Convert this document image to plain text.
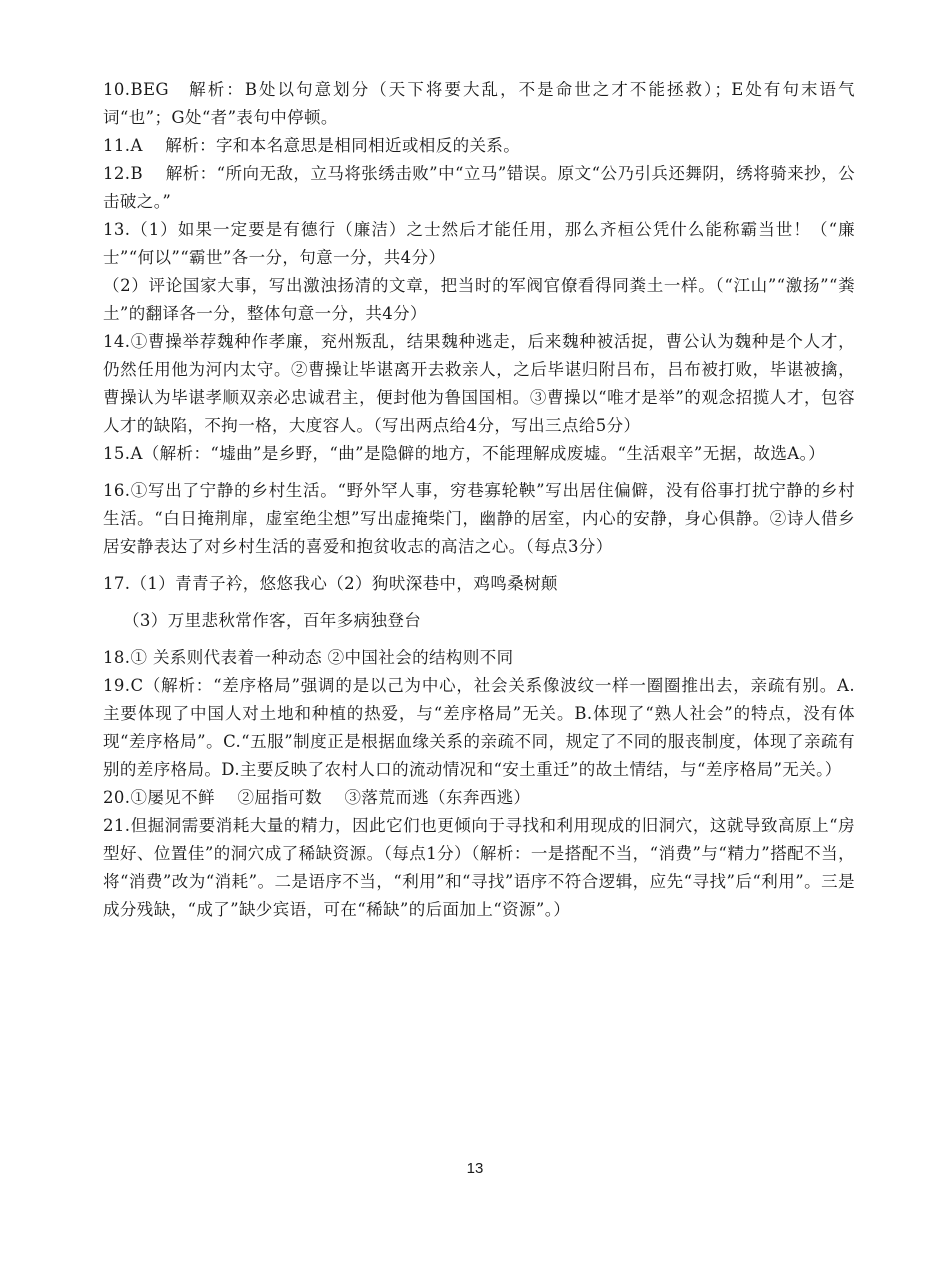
10.BEG　解析：B处以句意划分（天下将要大乱，不是命世之才不能拯救）；E处有句末语气词“也”；G处“者”表句中停顿。

11.A　 解析：字和本名意思是相同相近或相反的关系。

12.B　 解析：“所向无敌，立马将张绣击败”中“立马”错误。原文“公乃引兵还舞阴，绣将骑来抄，公击破之。”

13.（1）如果一定要是有德行（廉洁）之士然后才能任用，那么齐桓公凭什么能称霸当世！（“廉士”“何以”“霸世”各一分，句意一分，共4分）

（2）评论国家大事，写出激浊扬清的文章，把当时的军阀官僚看得同粪土一样。（“江山”“激扬”“粪土”的翻译各一分，整体句意一分，共4分）

14.①曹操举荐魏种作孝廉，兖州叛乱，结果魏种逃走，后来魏种被活捉，曹公认为魏种是个人才，仍然任用他为河内太守。②曹操让毕谌离开去救亲人，之后毕谌归附吕布，吕布被打败，毕谌被擒，曹操认为毕谌孝顺双亲必忠诚君主，便封他为鲁国国相。③曹操以“唯才是举”的观念招揽人才，包容人才的缺陷，不拘一格，大度容人。（写出两点给4分，写出三点给5分）

15.A（解析：“墟曲”是乡野，“曲”是隐僻的地方，不能理解成废墟。“生活艰辛”无据，故选A。）

16.①写出了宁静的乡村生活。“野外罕人事，穷巷寡轮鞅”写出居住偏僻，没有俗事打扰宁静的乡村生活。“白日掩荆扉，虚室绝尘想”写出虚掩柴门，幽静的居室，内心的安静，身心俱静。②诗人借乡居安静表达了对乡村生活的喜爱和抱贫收志的高洁之心。（每点3分）

17.（1）青青子衿，悠悠我心（2）狗吠深巷中，鸡鸣桑树颠

（3）万里悲秋常作客，百年多病独登台

18.① 关系则代表着一种动态 ②中国社会的结构则不同

19.C（解析：“差序格局”强调的是以己为中心，社会关系像波纹一样一圈圈推出去，亲疏有别。A.主要体现了中国人对土地和种植的热爱，与“差序格局”无关。B.体现了“熟人社会”的特点，没有体现“差序格局”。C.“五服”制度正是根据血缘关系的亲疏不同，规定了不同的服丧制度，体现了亲疏有别的差序格局。D.主要反映了农村人口的流动情况和“安土重迁”的故土情结，与“差序格局”无关。）

20.①屡见不鲜　 ②屈指可数　 ③落荒而逃（东奔西逃）

21.但掘洞需要消耗大量的精力，因此它们也更倾向于寻找和利用现成的旧洞穴，这就导致高原上“房型好、位置佳”的洞穴成了稀缺资源。（每点1分）（解析：一是搭配不当，“消费”与“精力”搭配不当，将“消费”改为“消耗”。二是语序不当，“利用”和“寻找”语序不符合逻辑，应先“寻找”后“利用”。三是成分残缺，“成了”缺少宾语，可在“稀缺”的后面加上“资源”。）

13
